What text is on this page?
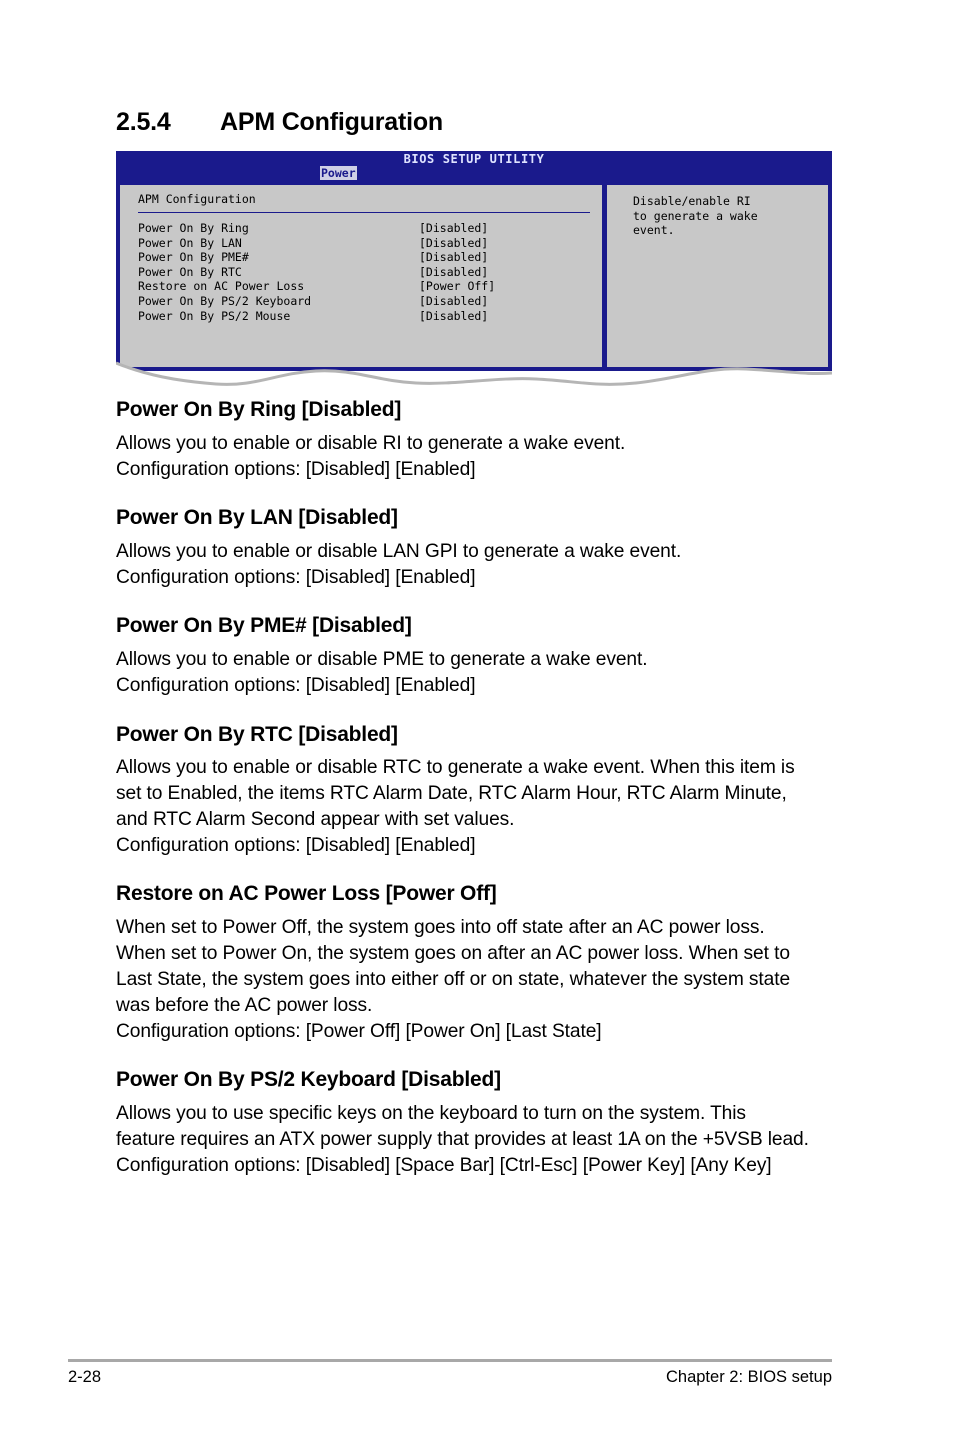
2.5.4 APM Configuration
BIOS SETUP UTILITY
Power
APM Configuration
Power On By Ring	[Disabled]
Power On By LAN	[Disabled]
Power On By PME#	[Disabled]
Power On By RTC	[Disabled]
Restore on AC Power Loss	[Power Off]
Power On By PS/2 Keyboard	[Disabled]
Power On By PS/2 Mouse	[Disabled]
Disable/enable RI
to generate a wake
event.
Power On By Ring [Disabled]
Allows you to enable or disable RI to generate a wake event.
Configuration options: [Disabled] [Enabled]
Power On By LAN [Disabled]
Allows you to enable or disable LAN GPI to generate a wake event.
Configuration options: [Disabled] [Enabled]
Power On By PME# [Disabled]
Allows you to enable or disable PME to generate a wake event.
Configuration options: [Disabled] [Enabled]
Power On By RTC [Disabled]
Allows you to enable or disable RTC to generate a wake event. When this item is
set to Enabled, the items RTC Alarm Date, RTC Alarm Hour, RTC Alarm Minute,
and RTC Alarm Second appear with set values.
Configuration options: [Disabled] [Enabled]
Restore on AC Power Loss [Power Off]
When set to Power Off, the system goes into off state after an AC power loss.
When set to Power On, the system goes on after an AC power loss. When set to
Last State, the system goes into either off or on state, whatever the system state
was before the AC power loss.
Configuration options: [Power Off] [Power On] [Last State]
Power On By PS/2 Keyboard [Disabled]
Allows you to use specific keys on the keyboard to turn on the system. This
feature requires an ATX power supply that provides at least 1A on the +5VSB lead.
Configuration options: [Disabled] [Space Bar] [Ctrl-Esc] [Power Key] [Any Key]
2-28	Chapter 2: BIOS setup
